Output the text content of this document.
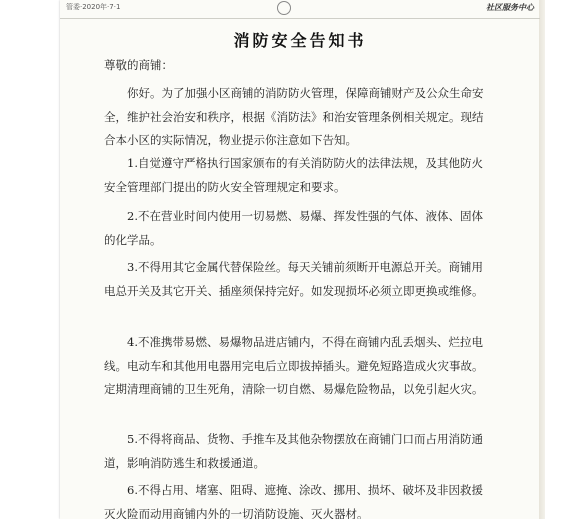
管委·2020年·7·1	社区服务中心
消防安全告知书
尊敬的商铺：
你好。为了加强小区商铺的消防防火管理，保障商铺财产及公众生命安全，维护社会治安和秩序，根据《消防法》和治安管理条例相关规定。现结合本小区的实际情况，物业提示你注意如下告知。
1.自觉遵守严格执行国家颁布的有关消防防火的法律法规，及其他防火安全管理部门提出的防火安全管理规定和要求。
2.不在营业时间内使用一切易燃、易爆、挥发性强的气体、液体、固体的化学品。
3.不得用其它金属代替保险丝。每天关铺前须断开电源总开关。商铺用电总开关及其它开关、插座须保持完好。如发现损坏必须立即更换或维修。
4.不准携带易燃、易爆物品进店铺内，不得在商铺内乱丢烟头、烂拉电线。电动车和其他用电器用完电后立即拔掉插头。避免短路造成火灾事故。定期清理商铺的卫生死角，清除一切自燃、易爆危险物品，以免引起火灾。
5.不得将商品、货物、手推车及其他杂物摆放在商铺门口而占用消防通道，影响消防逃生和救援通道。
6.不得占用、堵塞、阻碍、遮掩、涂改、挪用、损坏、破坏及非因救援灭火险而动用商铺内外的一切消防设施、灭火器材。
